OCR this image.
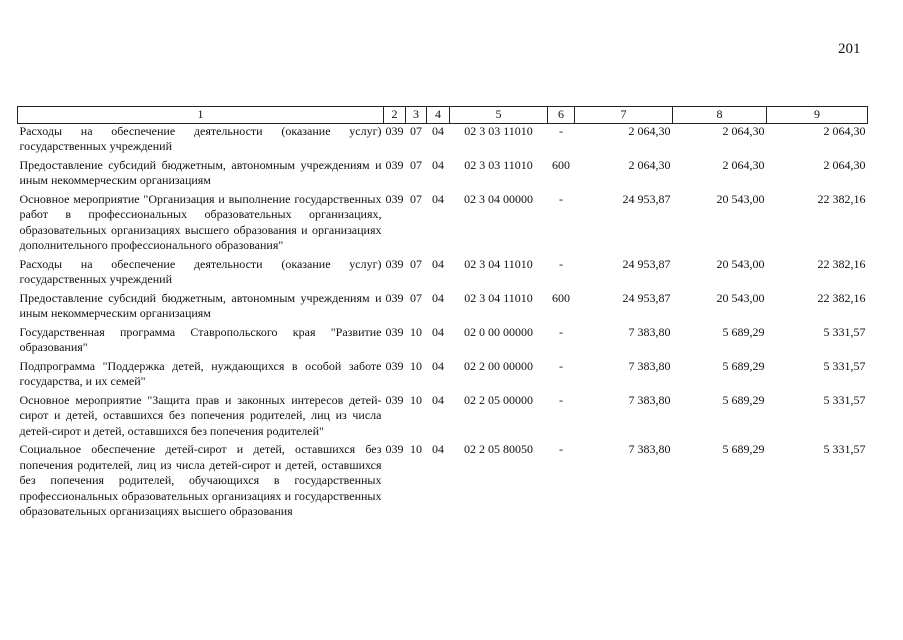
201
1	2	3	4	5	6	7	8	9
Расходы на обеспечение деятельности (оказание услуг) государственных учреждений	039	07	04	02 3 03 11010	-	2 064,30	2 064,30	2 064,30
Предоставление субсидий бюджетным, автономным учреждениям и иным некоммерческим организациям	039	07	04	02 3 03 11010	600	2 064,30	2 064,30	2 064,30
Основное мероприятие "Организация и выполнение государственных работ в профессиональных образовательных организациях, образовательных организациях высшего образования и организациях дополнительного профессионального образования"	039	07	04	02 3 04 00000	-	24 953,87	20 543,00	22 382,16
Расходы на обеспечение деятельности (оказание услуг) государственных учреждений	039	07	04	02 3 04 11010	-	24 953,87	20 543,00	22 382,16
Предоставление субсидий бюджетным, автономным учреждениям и иным некоммерческим организациям	039	07	04	02 3 04 11010	600	24 953,87	20 543,00	22 382,16
Государственная программа Ставропольского края "Развитие образования"	039	10	04	02 0 00 00000	-	7 383,80	5 689,29	5 331,57
Подпрограмма "Поддержка детей, нуждающихся в особой заботе государства, и их семей"	039	10	04	02 2 00 00000	-	7 383,80	5 689,29	5 331,57
Основное мероприятие "Защита прав и законных интересов детей-сирот и детей, оставшихся без попечения родителей, лиц из числа детей-сирот и детей, оставшихся без попечения родителей"	039	10	04	02 2 05 00000	-	7 383,80	5 689,29	5 331,57
Социальное обеспечение детей-сирот и детей, оставшихся без попечения родителей, лиц из числа детей-сирот и детей, оставшихся без попечения родителей, обучающихся в государственных профессиональных образовательных организациях и государственных образовательных организациях высшего образования	039	10	04	02 2 05 80050	-	7 383,80	5 689,29	5 331,57
